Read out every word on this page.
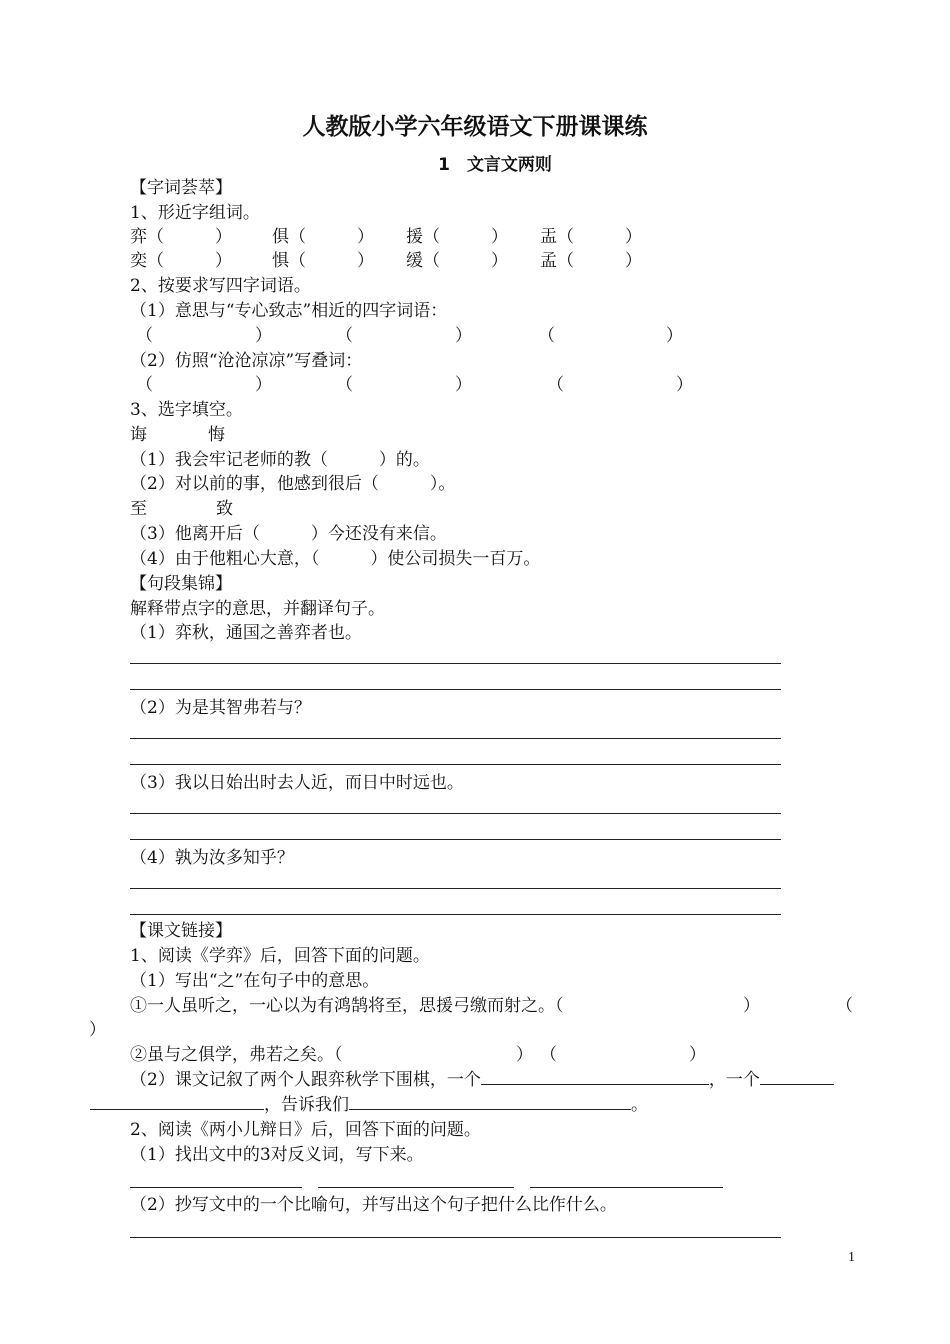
人教版小学六年级语文下册课课练
1　文言文两则
【字词荟萃】
1、形近字组词。
弈（　　　） 俱（　　　） 援（　　　） 盂（　　　）
奕（　　　） 惧（　　　） 缓（　　　） 孟（　　　）
2、按要求写四字词语。
（1）意思与“专心致志”相近的四字词语：
（	）	（	）	（	）
（2）仿照“沧沧凉凉”写叠词：
（	）	（	）	（	）
3、选字填空。
诲	悔
（1）我会牢记老师的教（　　　）的。
（2）对以前的事，他感到很后（　　　）。
至	致
（3）他离开后（　　　）今还没有来信。
（4）由于他粗心大意，（　　　）使公司损失一百万。
【句段集锦】
解释带点字的意思，并翻译句子。
（1）弈秋，通国之善弈者也。
（2）为是其智弗若与？
（3）我以日始出时去人近，而日中时远也。
（4）孰为汝多知乎？
【课文链接】
1、阅读《学弈》后，回答下面的问题。
（1）写出“之”在句子中的意思。
①一人虽听之，一心以为有鸿鹄将至，思援弓缴而射之。（	）	（
）
②虽与之俱学，弗若之矣。（	） （	）
（2）课文记叙了两个人跟弈秋学下围棋，一个	，一个
，告诉我们	。
2、阅读《两小儿辩日》后，回答下面的问题。
（1）找出文中的3对反义词，写下来。
（2）抄写文中的一个比喻句，并写出这个句子把什么比作什么。
1
